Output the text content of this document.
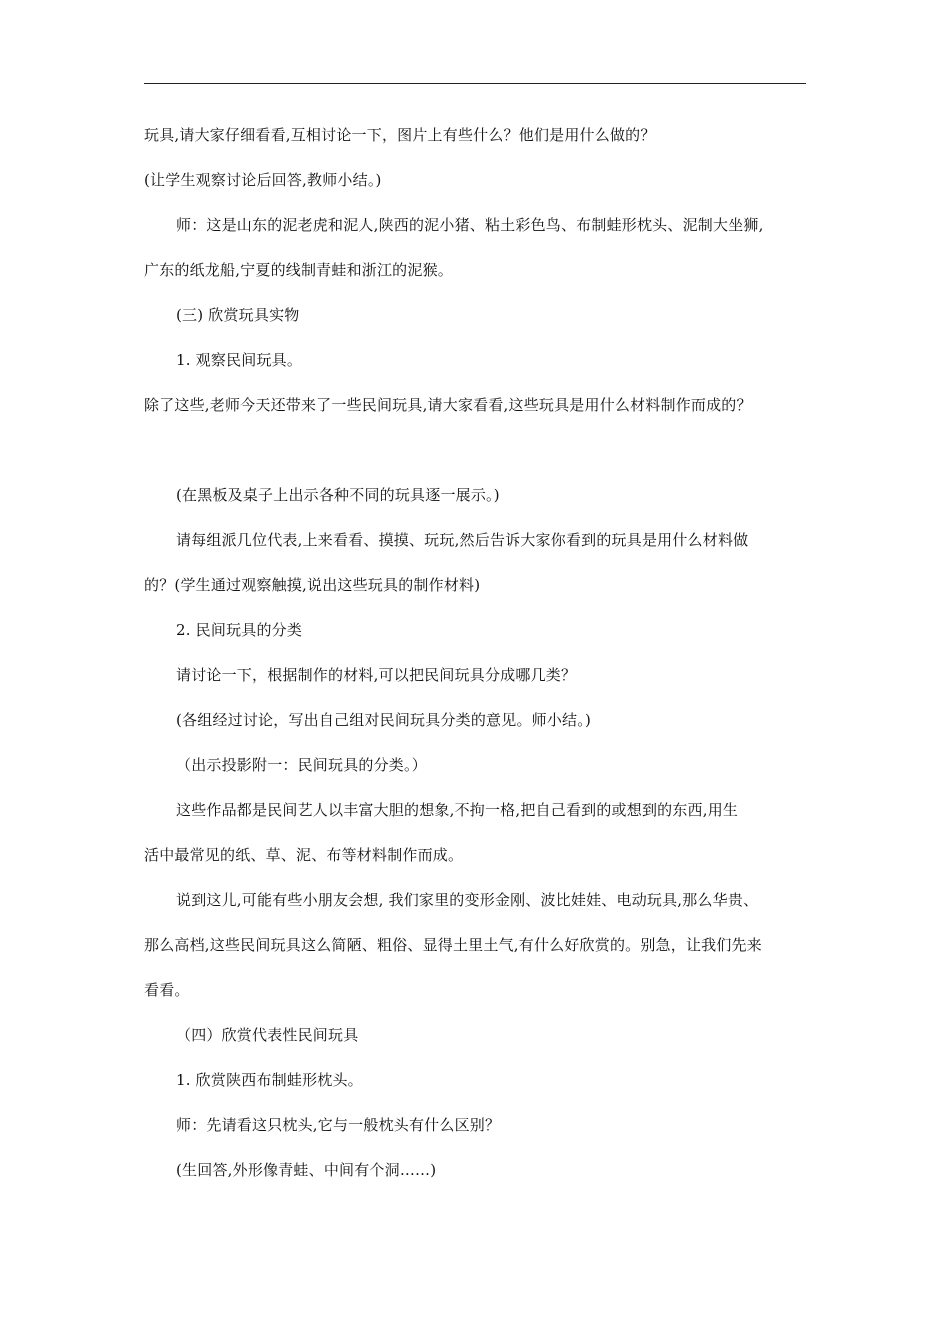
玩具,请大家仔细看看,互相讨论一下，图片上有些什么？他们是用什么做的？
(让学生观察讨论后回答,教师小结。)
师：这是山东的泥老虎和泥人,陕西的泥小猪、粘土彩色鸟、布制蛙形枕头、泥制大坐狮,
广东的纸龙船,宁夏的线制青蛙和浙江的泥猴。
(三) 欣赏玩具实物
1. 观察民间玩具。
除了这些,老师今天还带来了一些民间玩具,请大家看看,这些玩具是用什么材料制作而成的？
(在黑板及桌子上出示各种不同的玩具逐一展示。)
请每组派几位代表,上来看看、摸摸、玩玩,然后告诉大家你看到的玩具是用什么材料做
的？(学生通过观察触摸,说出这些玩具的制作材料)
2. 民间玩具的分类
请讨论一下，根据制作的材料,可以把民间玩具分成哪几类？
(各组经过讨论，写出自己组对民间玩具分类的意见。师小结。)
（出示投影附一：民间玩具的分类。）
这些作品都是民间艺人以丰富大胆的想象,不拘一格,把自己看到的或想到的东西,用生
活中最常见的纸、草、泥、布等材料制作而成。
说到这儿,可能有些小朋友会想, 我们家里的变形金刚、波比娃娃、电动玩具,那么华贵、
那么高档,这些民间玩具这么简陋、粗俗、显得土里土气,有什么好欣赏的。别急，让我们先来
看看。
（四）欣赏代表性民间玩具
1. 欣赏陕西布制蛙形枕头。
师：先请看这只枕头,它与一般枕头有什么区别？
(生回答,外形像青蛙、中间有个洞……)
